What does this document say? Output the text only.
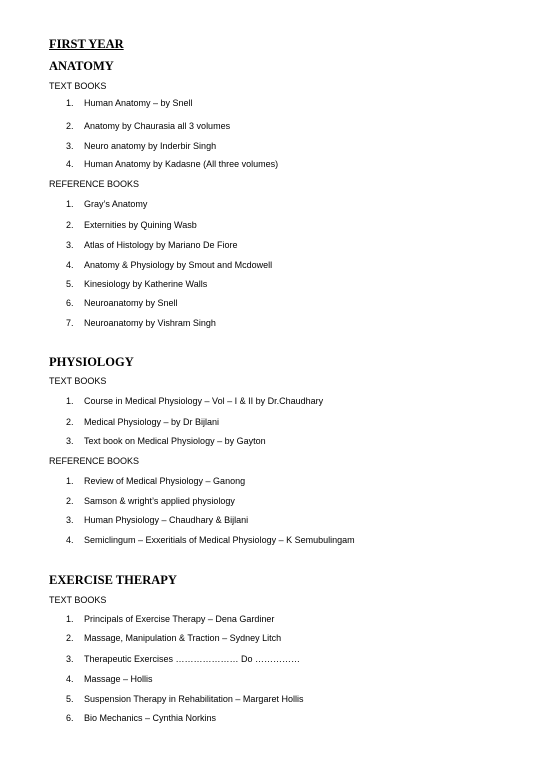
FIRST YEAR
ANATOMY

TEXT BOOKS

1. Human Anatomy – by Snell
2. Anatomy by Chaurasia all 3 volumes
3. Neuro anatomy by Inderbir Singh
4. Human Anatomy by Kadasne (All three volumes)

REFERENCE BOOKS

1. Gray’s Anatomy
2. Externities by Quining Wasb
3. Atlas of Histology by Mariano De Fiore
4. Anatomy & Physiology by Smout and Mcdowell
5. Kinesiology by Katherine Walls
6. Neuroanatomy by Snell
7. Neuroanatomy by Vishram Singh
PHYSIOLOGY

TEXT BOOKS

1. Course in Medical Physiology – Vol – I & II by Dr.Chaudhary
2. Medical Physiology – by Dr Bijlani
3. Text book on Medical Physiology – by Gayton

REFERENCE BOOKS

1. Review of Medical Physiology – Ganong
2. Samson & wright’s applied physiology
3. Human Physiology – Chaudhary & Bijlani
4. Semiclingum – Exxeritials of Medical Physiology – K Semubulingam
EXERCISE THERAPY

TEXT BOOKS

1. Principals of Exercise Therapy – Dena Gardiner
2. Massage, Manipulation & Traction – Sydney Litch
3. Therapeutic Exercises ………………… Do ……………
4. Massage – Hollis
5. Suspension Therapy in Rehabilitation – Margaret Hollis
6. Bio Mechanics – Cynthia Norkins
